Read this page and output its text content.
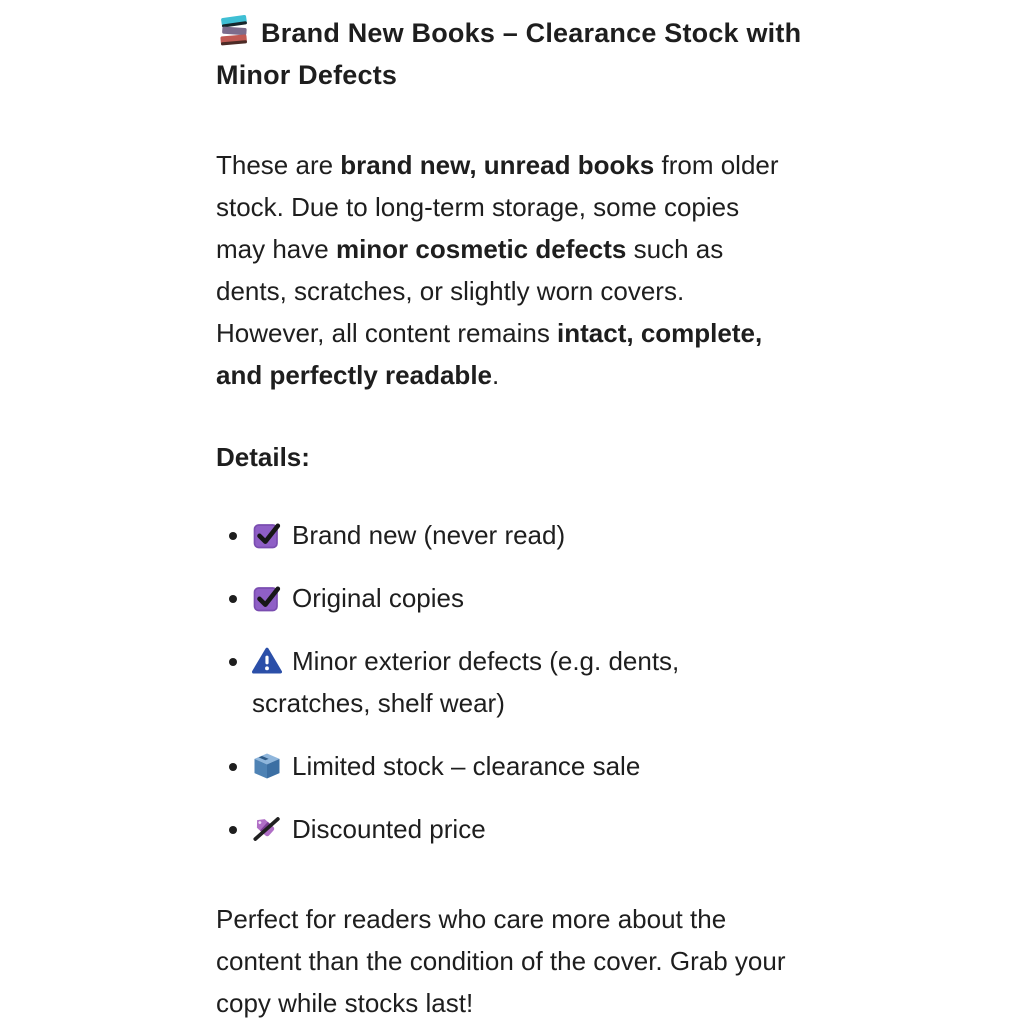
Brand New Books – Clearance Stock with Minor Defects

These are brand new, unread books from older stock. Due to long-term storage, some copies may have minor cosmetic defects such as dents, scratches, or slightly worn covers. However, all content remains intact, complete, and perfectly readable.

Details:
• Brand new (never read)
• Original copies
• Minor exterior defects (e.g. dents, scratches, shelf wear)
• Limited stock – clearance sale
• Discounted price

Perfect for readers who care more about the content than the condition of the cover. Grab your copy while stocks last!
